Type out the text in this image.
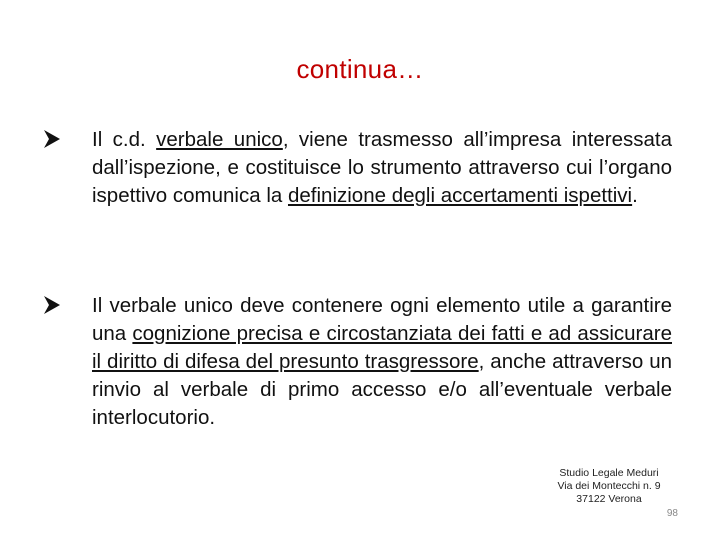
continua…
Il c.d. verbale unico, viene trasmesso all’impresa interessata dall’ispezione, e costituisce lo strumento attraverso cui l’organo ispettivo comunica la definizione degli accertamenti ispettivi.
Il verbale unico deve contenere ogni elemento utile a garantire una cognizione precisa e circostanziata dei fatti e ad assicurare il diritto di difesa del presunto trasgressore, anche attraverso un rinvio al verbale di primo accesso e/o all’eventuale verbale interlocutorio.
Studio Legale Meduri
Via dei Montecchi n. 9
37122 Verona
98
